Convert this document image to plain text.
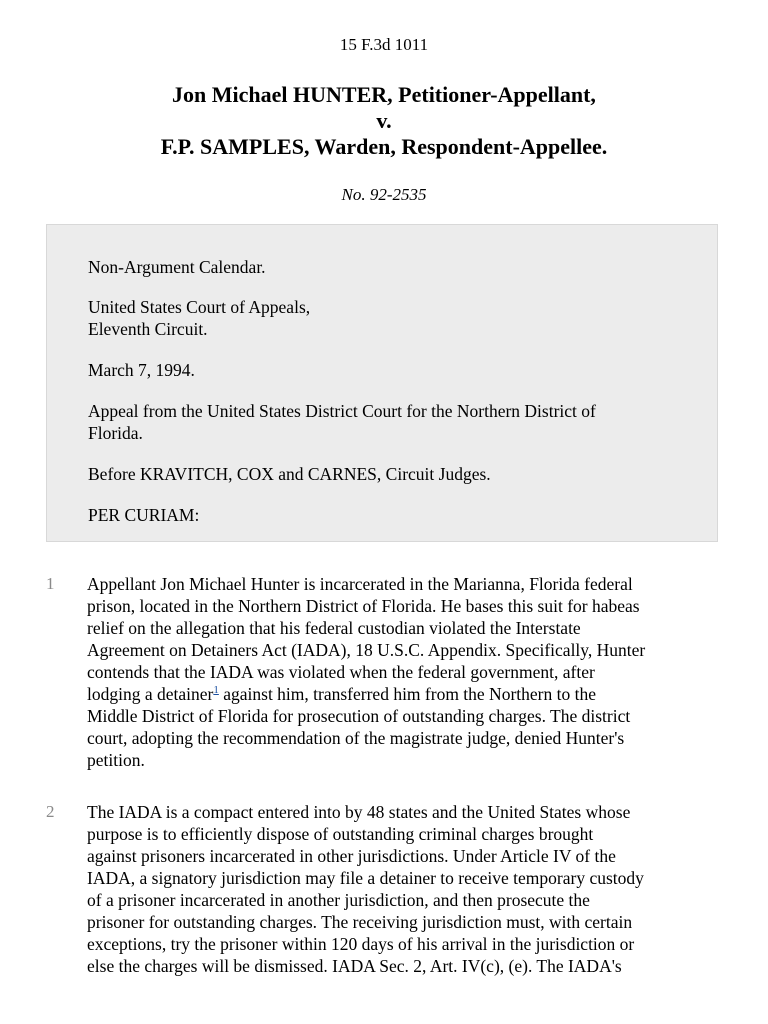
15 F.3d 1011
Jon Michael HUNTER, Petitioner-Appellant,
v.
F.P. SAMPLES, Warden, Respondent-Appellee.
No. 92-2535

Non-Argument Calendar.

United States Court of Appeals,
Eleventh Circuit.

March 7, 1994.

Appeal from the United States District Court for the Northern District of
Florida.

Before KRAVITCH, COX and CARNES, Circuit Judges.

PER CURIAM:

1	Appellant Jon Michael Hunter is incarcerated in the Marianna, Florida federal
prison, located in the Northern District of Florida. He bases this suit for habeas
relief on the allegation that his federal custodian violated the Interstate
Agreement on Detainers Act (IADA), 18 U.S.C. Appendix. Specifically, Hunter
contends that the IADA was violated when the federal government, after
lodging a detainer$^1$ against him, transferred him from the Northern to the
Middle District of Florida for prosecution of outstanding charges. The district
court, adopting the recommendation of the magistrate judge, denied Hunter's
petition.
2	The IADA is a compact entered into by 48 states and the United States whose
purpose is to efficiently dispose of outstanding criminal charges brought
against prisoners incarcerated in other jurisdictions. Under Article IV of the
IADA, a signatory jurisdiction may file a detainer to receive temporary custody
of a prisoner incarcerated in another jurisdiction, and then prosecute the
prisoner for outstanding charges. The receiving jurisdiction must, with certain
exceptions, try the prisoner within 120 days of his arrival in the jurisdiction or
else the charges will be dismissed. IADA Sec. 2, Art. IV(c), (e). The IADA's
